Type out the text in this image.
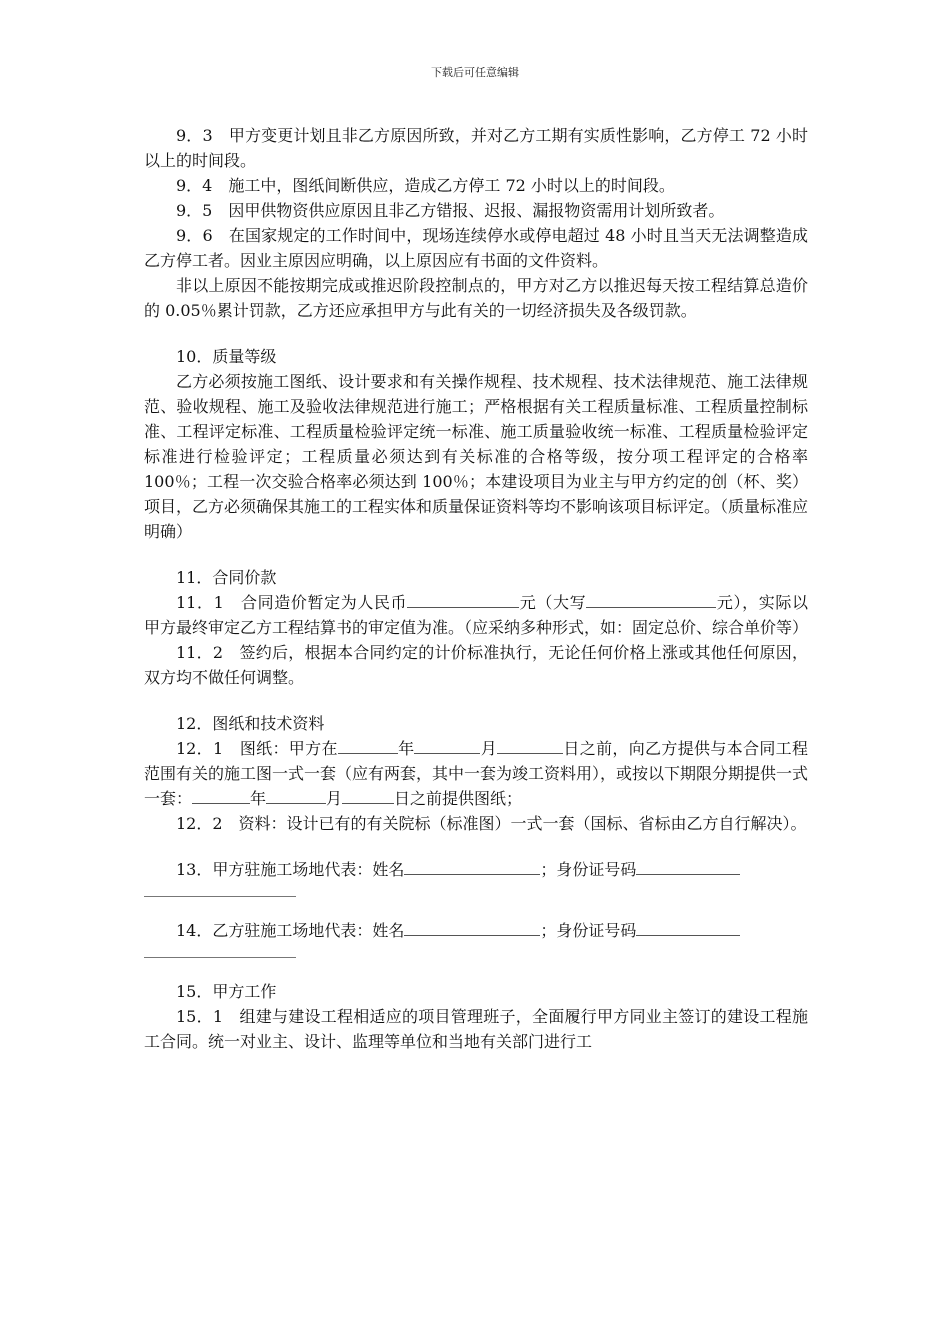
下载后可任意编辑

9．3　甲方变更计划且非乙方原因所致，并对乙方工期有实质性影响，乙方停工 72 小时以上的时间段。

9．4　施工中，图纸间断供应，造成乙方停工 72 小时以上的时间段。

9．5　因甲供物资供应原因且非乙方错报、迟报、漏报物资需用计划所致者。

9．6　在国家规定的工作时间中，现场连续停水或停电超过 48 小时且当天无法调整造成乙方停工者。因业主原因应明确，以上原因应有书面的文件资料。

非以上原因不能按期完成或推迟阶段控制点的，甲方对乙方以推迟每天按工程结算总造价的 0.05％累计罚款，乙方还应承担甲方与此有关的一切经济损失及各级罚款。

10．质量等级

乙方必须按施工图纸、设计要求和有关操作规程、技术规程、技术法律规范、施工法律规范、验收规程、施工及验收法律规范进行施工；严格根据有关工程质量标准、工程质量控制标准、工程评定标准、工程质量检验评定统一标准、施工质量验收统一标准、工程质量检验评定标准进行检验评定；工程质量必须达到有关标准的合格等级，按分项工程评定的合格率 100％；工程一次交验合格率必须达到 100％；本建设项目为业主与甲方约定的创（杯、奖）项目，乙方必须确保其施工的工程实体和质量保证资料等均不影响该项目标评定。（质量标准应明确）

11．合同价款

11．1　合同造价暂定为人民币	元（大写	元），实际以甲方最终审定乙方工程结算书的审定值为准。（应采纳多种形式，如：固定总价、综合单价等）

11．2　签约后，根据本合同约定的计价标准执行，无论任何价格上涨或其他任何原因，双方均不做任何调整。

12．图纸和技术资料

12．1　图纸：甲方在	年	月	日之前，向乙方提供与本合同工程范围有关的施工图一式一套（应有两套，其中一套为竣工资料用），或按以下期限分期提供一式一套：	年	月	日之前提供图纸；

12．2　资料：设计已有的有关院标（标准图）一式一套（国标、省标由乙方自行解决）。

13．甲方驻施工场地代表：姓名	；身份证号码

14．乙方驻施工场地代表：姓名	；身份证号码

15．甲方工作

15．1　组建与建设工程相适应的项目管理班子，全面履行甲方同业主签订的建设工程施工合同。统一对业主、设计、监理等单位和当地有关部门进行工
